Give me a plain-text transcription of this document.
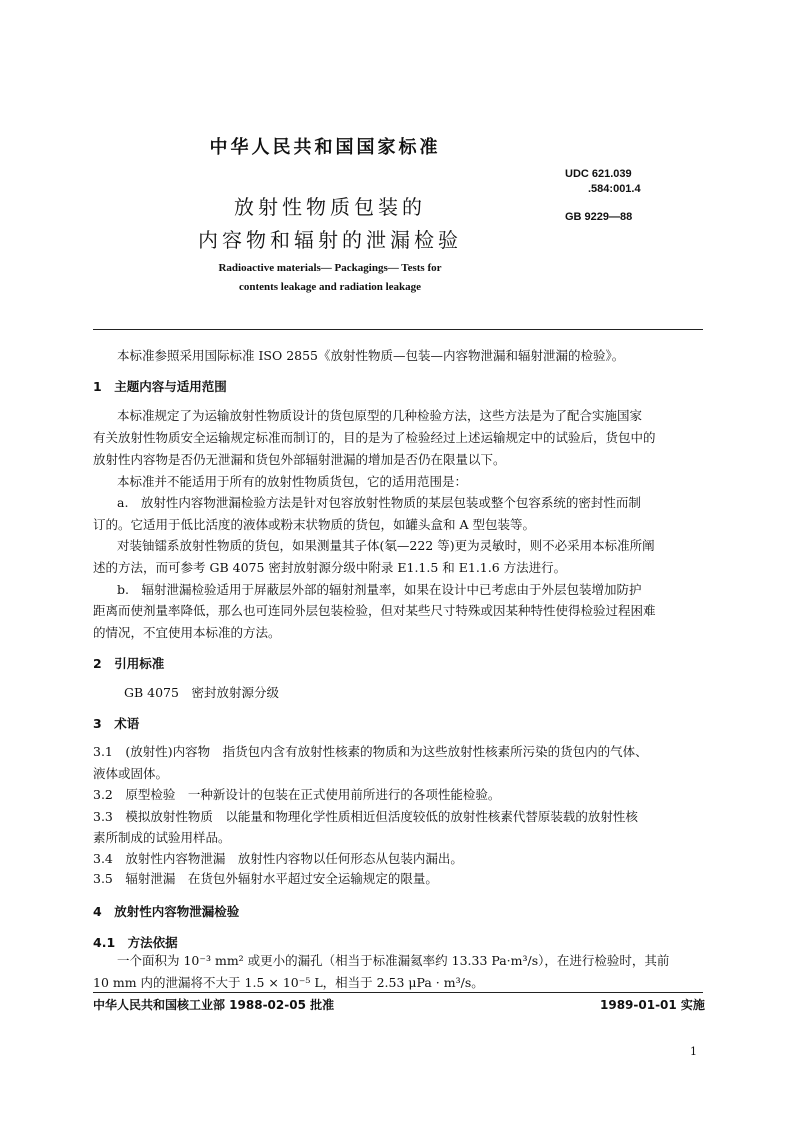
中华人民共和国国家标准
UDC 621.039
.584:001.4
GB 9229—88
放射性物质包装的
内容物和辐射的泄漏检验
Radioactive materials— Packagings— Tests for
contents leakage and radiation leakage
本标准参照采用国际标准 ISO 2855《放射性物质—包装—内容物泄漏和辐射泄漏的检验》。
1　主题内容与适用范围
本标准规定了为运输放射性物质设计的货包原型的几种检验方法，这些方法是为了配合实施国家
有关放射性物质安全运输规定标准而制订的，目的是为了检验经过上述运输规定中的试验后，货包中的
放射性内容物是否仍无泄漏和货包外部辐射泄漏的增加是否仍在限量以下。
本标准并不能适用于所有的放射性物质货包，它的适用范围是：
a.　放射性内容物泄漏检验方法是针对包容放射性物质的某层包装或整个包容系统的密封性而制
订的。它适用于低比活度的液体或粉末状物质的货包，如罐头盒和 A 型包装等。
对装铀镭系放射性物质的货包，如果测量其子体(氡—222 等)更为灵敏时，则不必采用本标准所阐
述的方法，而可参考 GB 4075 密封放射源分级中附录 E1.1.5 和 E1.1.6 方法进行。
b.　辐射泄漏检验适用于屏蔽层外部的辐射剂量率，如果在设计中已考虑由于外层包装增加防护
距离而使剂量率降低，那么也可连同外层包装检验，但对某些尺寸特殊或因某种特性使得检验过程困难
的情况，不宜使用本标准的方法。
2　引用标准
GB 4075　密封放射源分级
3　术语
3.1　(放射性)内容物　指货包内含有放射性核素的物质和为这些放射性核素所污染的货包内的气体、
液体或固体。
3.2　原型检验　一种新设计的包装在正式使用前所进行的各项性能检验。
3.3　模拟放射性物质　以能量和物理化学性质相近但活度较低的放射性核素代替原装载的放射性核
素所制成的试验用样品。
3.4　放射性内容物泄漏　放射性内容物以任何形态从包装内漏出。
3.5　辐射泄漏　在货包外辐射水平超过安全运输规定的限量。
4　放射性内容物泄漏检验
4.1　方法依据
一个面积为 10⁻³ mm² 或更小的漏孔（相当于标准漏氦率约 13.33 Pa·m³/s），在进行检验时，其前
10 mm 内的泄漏将不大于 1.5 × 10⁻⁵ L，相当于 2.53 μPa · m³/s。
中华人民共和国核工业部 1988-02-05 批准	1989-01-01 实施
1
